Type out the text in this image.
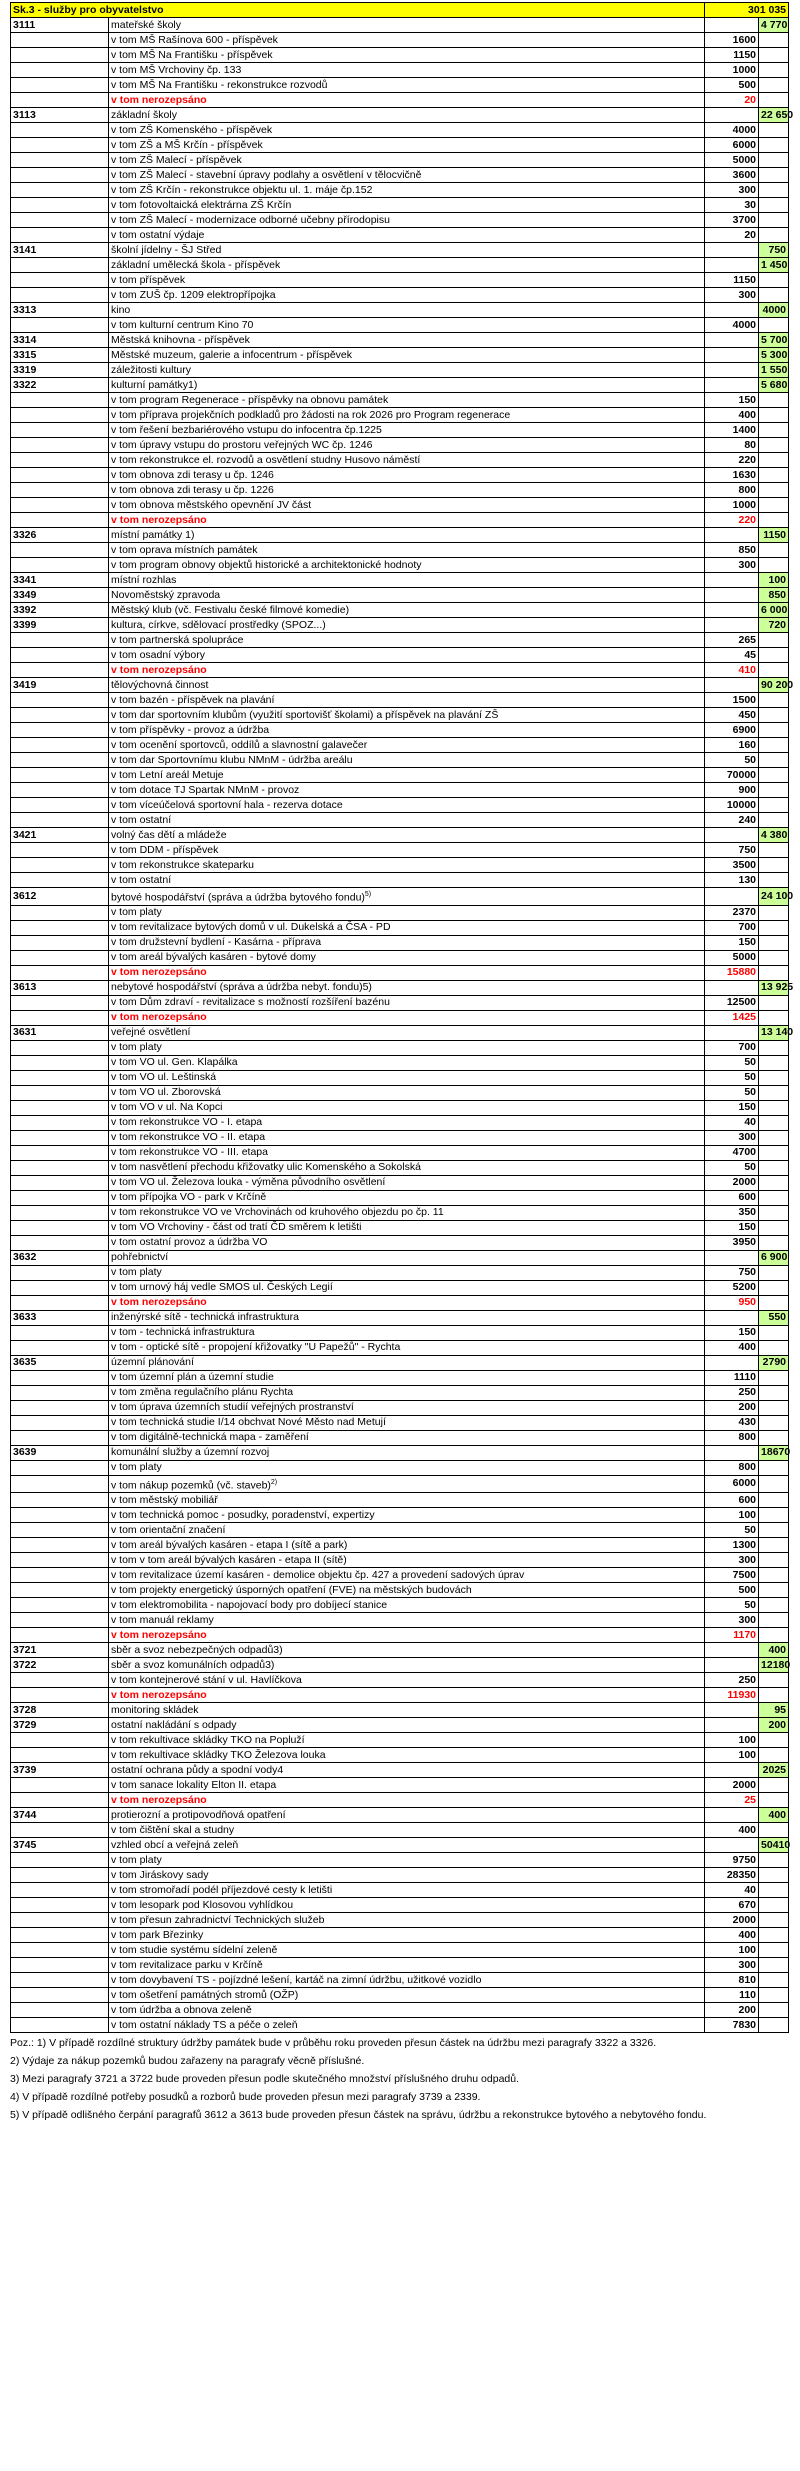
Sk.3 - služby pro obyvatelstvo		301 035	
3111	mateřské školy		4 770
	v tom MŠ Rašínova 600 - příspěvek	1600	
	v tom MŠ Na Františku - příspěvek	1150	
	v tom MŠ Vrchoviny čp. 133	1000	
	v tom MŠ Na Františku - rekonstrukce rozvodů	500	
	v tom nerozepsáno	20	
3113	základní školy		22 650
	v tom ZŠ Komenského - příspěvek	4000	
	v tom ZŠ a MŠ Krčín - příspěvek	6000	
	v tom ZŠ Malecí - příspěvek	5000	
	v tom ZŠ Malecí - stavební úpravy podlahy a osvětlení v tělocvičně	3600	
	v tom ZŠ Krčín - rekonstrukce objektu ul. 1. máje čp.152	300	
	v tom fotovoltaická elektrárna ZŠ Krčín	30	
	v tom ZŠ Malecí - modernizace odborné učebny přírodopisu	3700	
	v tom ostatní výdaje	20	
3141	školní jídelny - ŠJ Střed		750
	základní umělecká škola - příspěvek		1 450
	v tom příspěvek	1150	
	v tom ZUŠ čp. 1209 elektropřípojka	300	
3313	kino		4000
	v tom kulturní centrum Kino 70	4000	
3314	Městská knihovna - příspěvek		5 700
3315	Městské muzeum, galerie a infocentrum - příspěvek		5 300
3319	záležitosti kultury		1 550
3322	kulturní památky1)		5 680
	v tom program Regenerace - příspěvky na obnovu památek	150	
	v tom příprava projekčních podkladů pro žádosti na rok 2026 pro Program regenerace	400	
	v tom řešení bezbariérového vstupu do infocentra čp.1225	1400	
	v tom úpravy vstupu do prostoru veřejných WC čp. 1246	80	
	v tom rekonstrukce el. rozvodů a osvětlení studny Husovo náměstí	220	
	v tom obnova zdi terasy u čp. 1246	1630	
	v tom obnova zdi terasy u čp. 1226	800	
	v tom obnova městského opevnění JV část	1000	
	v tom nerozepsáno	220	
3326	místní památky 1)		1150
	v tom oprava místních památek	850	
	v tom program obnovy objektů historické a architektonické hodnoty	300	
3341	místní rozhlas		100
3349	Novoměstský zpravoda		850
3392	Městský klub (vč. Festivalu české filmové komedie)		6 000
3399	kultura, církve, sdělovací prostředky (SPOZ...)		720
	v tom partnerská spolupráce	265	
	v tom osadní výbory	45	
	v tom nerozepsáno	410	
3419	tělovýchovná činnost		90 200
	v tom bazén - příspěvek na plavání	1500	
	v tom dar sportovním klubům (využití sportovišť školami) a příspěvek na plavání ZŠ	450	
	v tom příspěvky - provoz a údržba	6900	
	v tom ocenění sportovců, oddílů a slavnostní galavečer	160	
	v tom dar Sportovnímu klubu NMnM - údržba areálu	50	
	v tom Letní areál Metuje	70000	
	v tom dotace TJ Spartak NMnM - provoz	900	
	v tom víceúčelová sportovní hala - rezerva dotace	10000	
	v tom ostatní	240	
3421	volný čas dětí a mládeže		4 380
	v tom DDM - příspěvek	750	
	v tom rekonstrukce skateparku	3500	
	v tom ostatní	130	
3612	bytové hospodářství (správa a údržba bytového fondu)$^{5)}$		24 100
	v tom platy	2370	
	v tom revitalizace bytových domů v ul. Dukelská a ČSA - PD	700	
	v tom družstevní bydlení - Kasárna - příprava	150	
	v tom areál bývalých kasáren - bytové domy	5000	
	v tom nerozepsáno	15880	
3613	nebytové hospodářství (správa a údržba nebyt. fondu)5)		13 925
	v tom Dům zdraví - revitalizace s možností rozšíření bazénu	12500	
	v tom nerozepsáno	1425	
3631	veřejné osvětlení		13 140
	v tom platy	700	
	v tom VO ul. Gen. Klapálka	50	
	v tom VO ul. Leštinská	50	
	v tom VO ul. Zborovská	50	
	v tom VO v ul. Na Kopci	150	
	v tom rekonstrukce VO - I. etapa	40	
	v tom rekonstrukce VO - II. etapa	300	
	v tom rekonstrukce VO - III. etapa	4700	
	v tom nasvětlení přechodu křižovatky ulic Komenského a Sokolská	50	
	v tom VO ul. Železova louka - výměna původního osvětlení	2000	
	v tom přípojka VO - park v Krčíně	600	
	v tom rekonstrukce VO ve Vrchovinách od kruhového objezdu po čp. 11	350	
	v tom VO Vrchoviny - část od tratí ČD směrem k letišti	150	
	v tom ostatní provoz a údržba VO	3950	
3632	pohřebnictví		6 900
	v tom platy	750	
	v tom urnový háj vedle SMOS ul. Českých Legií	5200	
	v tom nerozepsáno	950	
3633	inženýrské sítě - technická infrastruktura		550
	v tom - technická infrastruktura	150	
	v tom - optické sítě - propojení křižovatky "U Papežů" - Rychta	400	
3635	územní plánování		2790
	v tom územní plán a územní studie	1110	
	v tom změna regulačního plánu Rychta	250	
	v tom úprava územních studií veřejných prostranství	200	
	v tom technická studie I/14 obchvat Nové Město nad Metují	430	
	v tom digitálně-technická mapa - zaměření	800	
3639	komunální služby a územní rozvoj		18670
	v tom platy	800	
	v tom nákup pozemků (vč. staveb)$^{2)}$	6000	
	v tom městský mobiliář	600	
	v tom technická pomoc - posudky, poradenství, expertizy	100	
	v tom orientační značení	50	
	v tom areál bývalých kasáren - etapa I (sítě a park)	1300	
	v tom v tom areál bývalých kasáren - etapa II (sítě)	300	
	v tom revitalizace území kasáren - demolice objektu čp. 427 a provedení sadových úprav	7500	
	v tom projekty energetický úsporných opatření (FVE) na městských budovách	500	
	v tom elektromobilita - napojovací body pro dobíjecí stanice	50	
	v tom manuál reklamy	300	
	v tom nerozepsáno	1170	
3721	sběr a svoz nebezpečných odpadů3)		400
3722	sběr a svoz komunálních odpadů3)		12180
	v tom kontejnerové stání v ul. Havlíčkova	250	
	v tom nerozepsáno	11930	
3728	monitoring skládek		95
3729	ostatní nakládání s odpady		200
	v tom rekultivace skládky TKO na Popluží	100	
	v tom rekultivace skládky TKO Železova louka	100	
3739	ostatní ochrana půdy a spodní vody4		2025
	v tom sanace lokality Elton II. etapa	2000	
	v tom nerozepsáno	25	
3744	protierozní a protipovodňová opatření		400
	v tom čištění skal a studny	400	
3745	vzhled obcí a veřejná zeleň		50410
	v tom platy	9750	
	v tom Jiráskovy sady	28350	
	v tom stromořadí podél příjezdové cesty k letišti	40	
	v tom lesopark pod Klosovou vyhlídkou	670	
	v tom přesun zahradnictví Technických služeb	2000	
	v tom park Březinky	400	
	v tom studie systému sídelní zeleně	100	
	v tom revitalizace parku v Krčíně	300	
	v tom dovybavení TS - pojízdné lešení, kartáč na zimní údržbu, užitkové vozidlo	810	
	v tom ošetření památných stromů (OŽP)	110	
	v tom údržba a obnova zeleně	200	
	v tom ostatní náklady TS a péče o zeleň	7830	

Poz.: 1) V případě rozdílné struktury údržby památek bude v průběhu roku proveden přesun částek na údržbu mezi paragrafy 3322 a 3326.

2) Výdaje za nákup pozemků budou zařazeny na paragrafy věcně příslušné.

3) Mezi paragrafy 3721 a 3722 bude proveden přesun podle skutečného množství příslušného druhu odpadů.

4) V případě rozdílné potřeby posudků a rozborů bude proveden přesun mezi paragrafy 3739 a 2339.

5) V případě odlišného čerpání paragrafů 3612 a 3613 bude proveden přesun částek na správu, údržbu a rekonstrukce bytového a nebytového fondu.
